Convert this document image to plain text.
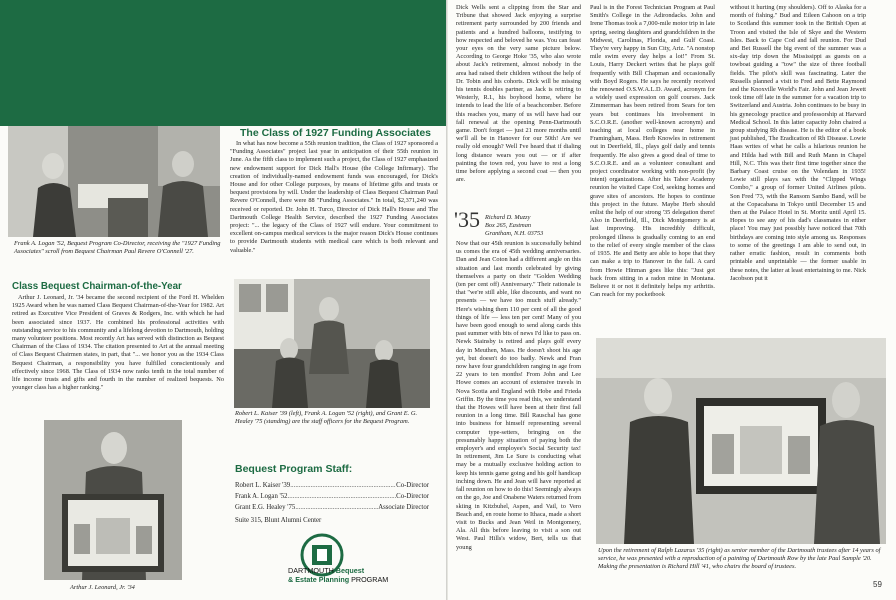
Frank A. Logan '52, Bequest Program Co-Director, receiving the "1927 Funding Associates" scroll from Bequest Chairman Paul Revere O'Connell '27.

The Class of 1927 Funding Associates

In what has now become a 55th reunion tradition, the Class of 1927 sponsored a "Funding Associates" project last year in anticipation of their 55th reunion in June. As the fifth class to implement such a project, the Class of 1927 emphasized new endowment support for Dick Hall's House (the College Infirmary). The creation of individually-named endowment funds was encouraged, for Dick's House and for other College purposes, by means of lifetime gifts and trusts or bequest provisions by will. Under the leadership of Class Bequest Chairman Paul Revere O'Connell, there were 88 "Funding Associates." In total, $2,371,240 was received or reported. Dr. John H. Turco, Director of Dick Hall's House and The Dartmouth College Health Service, described the 1927 Funding Associates project: "... the legacy of the Class of 1927 will endure. Your commitment to excellent on-campus medical services is the major reason Dick's House continues to provide Dartmouth students with medical care which is both relevant and valuable."

Class Bequest Chairman-of-the-Year

Arthur J. Leonard, Jr. '34 became the second recipient of the Ford H. Whelden 1925 Award when he was named Class Bequest Chairman-of-the-Year for 1982. Art retired as Executive Vice President of Graves & Rodgers, Inc. with which he had been associated since 1937. He combined his professional activities with outstanding service to his community and a lifelong devotion to Dartmouth, holding many volunteer positions. Most recently Art has served with distinction as Bequest Chairman of the Class of 1934. The citation presented to Art at the annual meeting of Class Bequest Chairmen states, in part, that "... we honor you as the 1934 Class Bequest Chairman, a responsibility you have fulfilled conscientiously and effectively since 1968. The Class of 1934 now ranks tenth in the total number of life income trusts and gifts and fourth in the number of realized bequests. No younger class has a higher ranking."

Robert L. Kaiser '39 (left), Frank A. Logan '52 (right), and Grant E. G. Healey '75 (standing) are the staff officers for the Bequest Program.

Bequest Program Staff:
Robert L. Kaiser '39 .....	Co-Director
Frank A. Logan '52 .....	Co-Director
Grant E.G. Healey '75 .....	Associate Director
Suite 315, Blunt Alumni Center

Arthur J. Leonard, Jr. '34

DARTMOUTH Bequest
& Estate Planning PROGRAM

Dick Wells sent a clipping from the Star and Tribune that showed Jack enjoying a surprise retirement party surrounded by 200 friends and patients and a hundred balloons, testifying to how respected and beloved he was. You can feast your eyes on the very same picture below. According to George Hoke '35, who also wrote about Jack's retirement, almost nobody in the area had raised their children without the help of Dr. Tobin and his cohorts. Dick will be missing his tennis doubles partner, as Jack is retiring to Westerly, R.I., his boyhood home, where he intends to lead the life of a beachcomber. Before this reaches you, many of us will have had our fall renewal at the opening Penn-Dartmouth game. Don't forget — just 21 more months until we'll all be in Hanover for our 50th! Are we really old enough? Well I've heard that if dialing long distance wears you out — or if after painting the town red, you have to rest a long time before applying a second coat — then you are.

'35 Richard D. Muzzy
Box 265, Eastman
Grantham, N.H. 03753

Now that our 45th reunion is successfully behind us comes the era of 45th wedding anniversaries. Dan and Jean Coton had a different angle on this situation and last month celebrated by giving themselves a party on their "Golden Wedding (ten per cent off) Anniversary." Their rationale is that "we're still able, like discounts, and want no presents — we have too much stuff already." Here's wishing them 110 per cent of all the good things of life — less ten per cent! Many of you have been good enough to send along cards this past summer with bits of news I'd like to pass on. Newk Stainsby is retired and plays golf every day in Meuthen, Mass. He doesn't shoot his age yet, but doesn't do too badly. Newk and Fran now have four grandchildren ranging in age from 22 years to ten months! From John and Lee Howe comes an account of extensive travels in Nova Scotia and England with Hobe and Frieda Griffin. By the time you read this, we understand that the Howes will have been at their first fall reunion in a long time. Bill Rauschal has gone into business for himself representing several computer type-setters, bringing on the presumably happy situation of paying both the employer's and employee's Social Security tax! In retirement, Jim Le Sure is conducting what may be a mutually exclusive holding action to keep his tennis game going and his golf handicap inching down. He and Jean will have reported at fall reunion on how to do this! Seemingly always on the go, Joe and Onabene Waters returned from skiing in Kitzbuhel, Aspen, and Vail, to Vero Beach and, en route home to Ithaca, made a short visit to Bucks and Jean Weil in Montgomery, Ala. All this before leaving to visit a son out West. Paul Hills's widow, Bert, tells us that young

Paul is in the Forest Technician Program at Paul Smith's College in the Adirondacks. John and Irene Thomas took a 7,000-mile motor trip in late spring, seeing daughters and grandchildren in the Midwest, Carolinas, Florida, and Gulf Coast. They're very happy in Sun City, Ariz. "A nonstop mile swim every day helps a lot!" From St. Louis, Harry Deckert writes that he plays golf frequently with Bill Chapman and occasionally with Boyd Rogers. He says he recently received the renowned O.S.W.A.L.D. Award, acronym for a widely used expression on golf courses. Jack Zimmerman has been retired from Sears for ten years but continues his involvement in S.C.O.R.E. (another well-known acronym) and teaching at local colleges near home in Framingham, Mass. Herb Knowles in retirement out in Deerfield, Ill., plays golf daily and tennis frequently. He also gives a good deal of time to S.C.O.R.E. and as a volunteer consultant and project coordinator working with non-profit (by intent) organizations. After his Tabor Academy reunion he visited Cape Cod, seeking homes and grave sites of ancestors. He hopes to continue this project in the future. Maybe Herb should enlist the help of our strong '35 delegation there! Also in Deerfield, Ill., Dick Montgomery is at last improving. His incredibly difficult, prolonged illness is gradually coming to an end to the relief of every single member of the class of 1935. He and Betty are able to hope that they can make a trip to Hanover in the fall. A card from Howie Hinman goes like this: "Just got back from sitting in a radon mine in Montana. Believe it or not it definitely helps my arthritis. Can reach for my pocketbook

without it hurting (my shoulders). Off to Alaska for a month of fishing." Bud and Eileen Cahoon on a trip to Scotland this summer took in the British Open at Troon and visited the Isle of Skye and the Western Isles. Back to Cape Cod and fall reunion. For Dud and Bet Russell the big event of the summer was a six-day trip down the Mississippi as guests on a towboat guiding a "tow" the size of three football fields. The pilot's skill was fascinating. Later the Russells planned a visit to Fred and Bette Raymond and the Knoxville World's Fair. John and Jean Jewett took time off late in the summer for a vacation trip to Switzerland and Austria. John continues to be busy in his gynecology practice and professorship at Harvard Medical School. In this latter capacity John chaired a group studying Rh disease. He is the editor of a book just published, The Eradication of Rh Disease. Lowie Haas writes of what he calls a hilarious reunion he and Hilda had with Bill and Ruth Mann in Chapel Hill, N.C. This was their first time together since the Barbary Coast cruise on the Volendam in 1935! Lowie still plays sax with the "Clipped Wings Combo," a group of former United Airlines pilots. Son Fred '73, with the Ransom Sambo Band, will be at the Copacabana in Tokyo until December 15 and then at the Palace Hotel in St. Moritz until April 15. Hopes to see any of his dad's classmates in either place! You may just possibly have noticed that 70th birthdays are coming into style among us. Responses to some of the greetings I am able to send out, in rather erratic fashion, result in comments both printable and unprintable — the former usable in these notes, the latter at least entertaining to me. Nick Jacobson put it

Upon the retirement of Ralph Lazarus '35 (right) as senior member of the Dartmouth trustees after 14 years of service, he was presented with a reproduction of a painting of Dartmouth Row by the late Paul Sample '20. Making the presentation is Richard Hill '41, who chairs the board of trustees.

59
